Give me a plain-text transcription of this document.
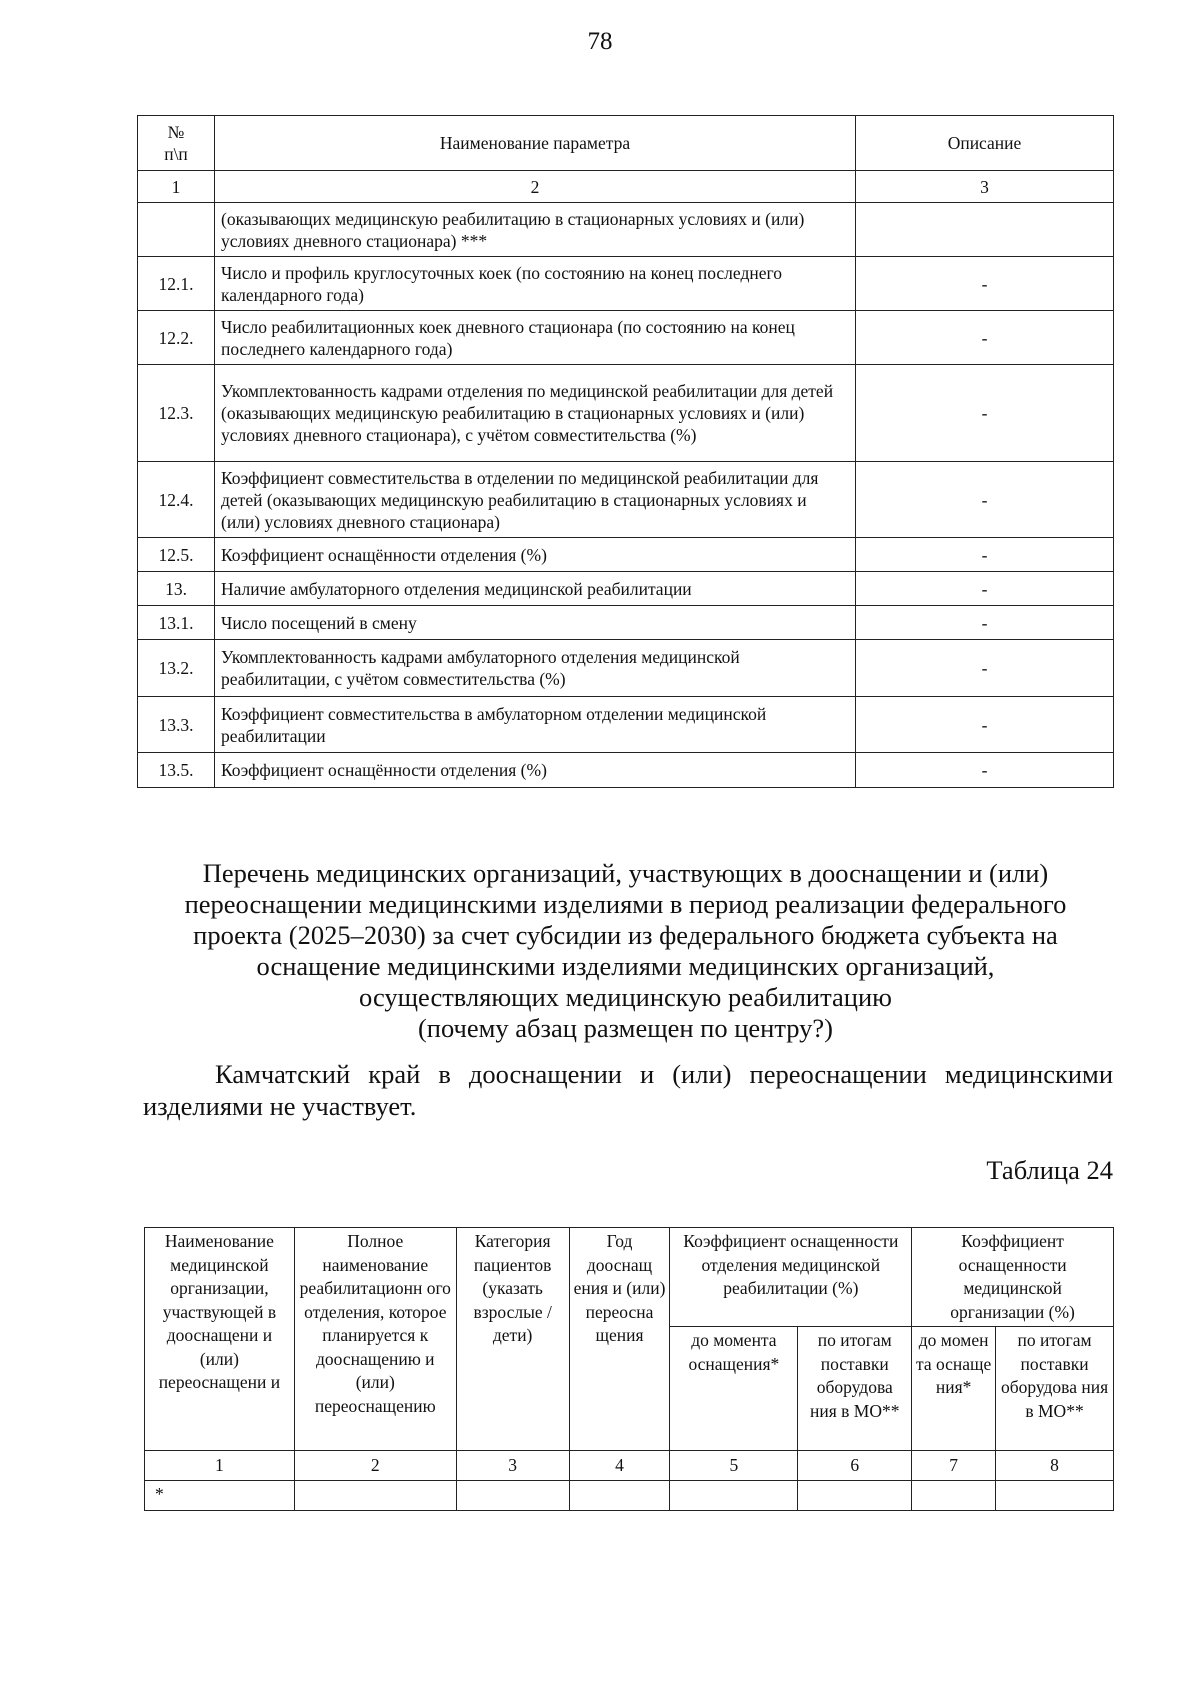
78
№
п\п	Наименование параметра	Описание
1	2	3
	(оказывающих медицинскую реабилитацию в стационарных условиях и (или) условиях дневного стационара) ***	
12.1.	Число и профиль круглосуточных коек (по состоянию на конец последнего календарного года)	-
12.2.	Число реабилитационных коек дневного стационара (по состоянию на конец последнего календарного года)	-
12.3.	Укомплектованность кадрами отделения по медицинской реабилитации для детей (оказывающих медицинскую реабилитацию в стационарных условиях и (или) условиях дневного стационара), с учётом совместительства (%)	-
12.4.	Коэффициент совместительства в отделении по медицинской реабилитации для детей (оказывающих медицинскую реабилитацию в стационарных условиях и (или) условиях дневного стационара)	-
12.5.	Коэффициент оснащённости отделения (%)	-
13.	Наличие амбулаторного отделения медицинской реабилитации	-
13.1.	Число посещений в смену	-
13.2.	Укомплектованность кадрами амбулаторного отделения медицинской реабилитации, с учётом совместительства (%)	-
13.3.	Коэффициент совместительства в амбулаторном отделении медицинской реабилитации	-
13.5.	Коэффициент оснащённости отделения (%)	-
Перечень медицинских организаций, участвующих в дооснащении и (или)
переоснащении медицинскими изделиями в период реализации федерального
проекта (2025–2030) за счет субсидии из федерального бюджета субъекта на
оснащение медицинскими изделиями медицинских организаций,
осуществляющих медицинскую реабилитацию
(почему абзац размещен по центру?)
Камчатский край в дооснащении и (или) переоснащении медицинскими изделиями не участвует.
Таблица 24
Наименование медицинской организации, участвующей в дооснащени и (или) переоснащени и	Полное наименование реабилитационн ого отделения, которое планируется к дооснащению и (или) переоснащению	Категория пациентов (указать взрослые / дети)	Год дооснащ ения и (или) переосна щения	Коэффициент оснащенности отделения медицинской реабилитации (%)		Коэффициент оснащенности медицинской организации (%)	
				до момента оснащения*	по итогам поставки оборудова ния в МО**	до момен та оснаще ния*	по итогам поставки оборудова ния в МО**
1	2	3	4	5	6	7	8
*							
